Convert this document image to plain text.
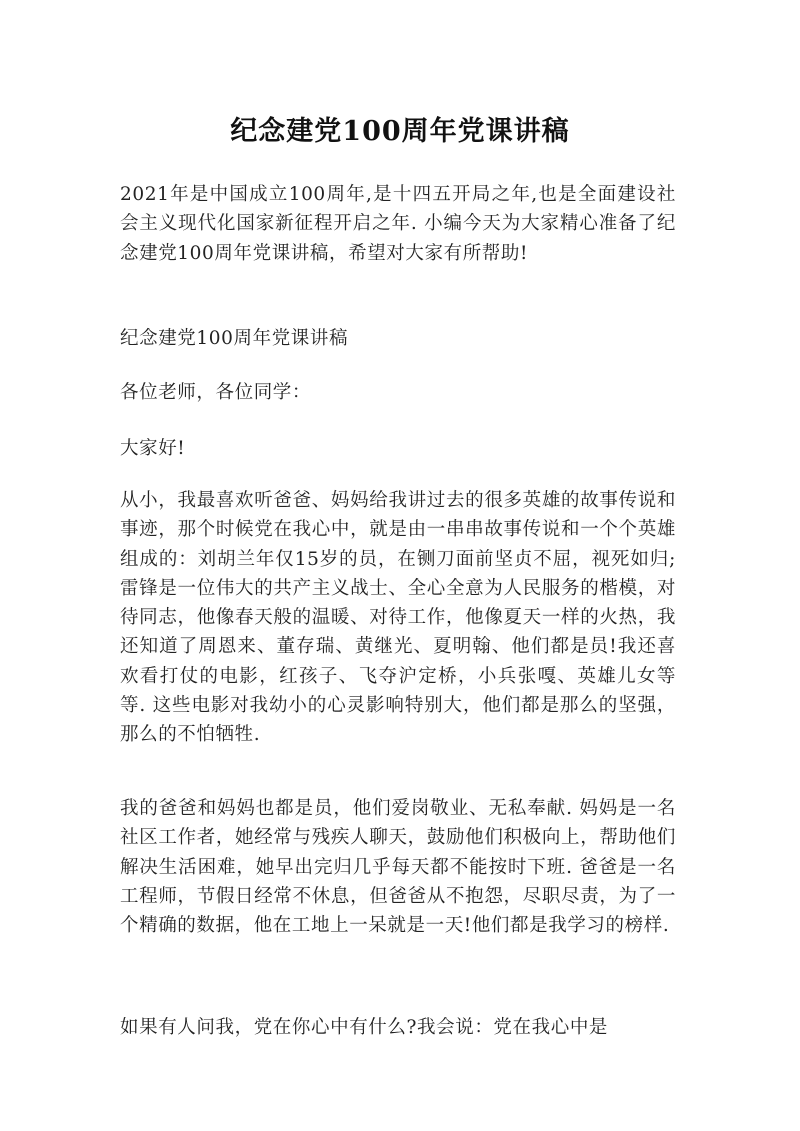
纪念建党100周年党课讲稿
2021年是中国成立100周年,是十四五开局之年,也是全面建设社会主义现代化国家新征程开启之年. 小编今天为大家精心准备了纪念建党100周年党课讲稿，希望对大家有所帮助!
纪念建党100周年党课讲稿
各位老师，各位同学：
大家好!
从小，我最喜欢听爸爸、妈妈给我讲过去的很多英雄的故事传说和事迹，那个时候党在我心中，就是由一串串故事传说和一个个英雄组成的：刘胡兰年仅15岁的员，在铡刀面前坚贞不屈，视死如归;雷锋是一位伟大的共产主义战士、全心全意为人民服务的楷模，对待同志，他像春天般的温暖、对待工作，他像夏天一样的火热，我还知道了周恩来、董存瑞、黄继光、夏明翰、他们都是员!我还喜欢看打仗的电影，红孩子、飞夺沪定桥，小兵张嘎、英雄儿女等等. 这些电影对我幼小的心灵影响特别大，他们都是那么的坚强，那么的不怕牺牲.
我的爸爸和妈妈也都是员，他们爱岗敬业、无私奉献. 妈妈是一名社区工作者，她经常与残疾人聊天，鼓励他们积极向上，帮助他们解决生活困难，她早出完归几乎每天都不能按时下班. 爸爸是一名工程师，节假日经常不休息，但爸爸从不抱怨，尽职尽责，为了一个精确的数据，他在工地上一呆就是一天!他们都是我学习的榜样.
如果有人问我，党在你心中有什么?我会说：党在我心中是
